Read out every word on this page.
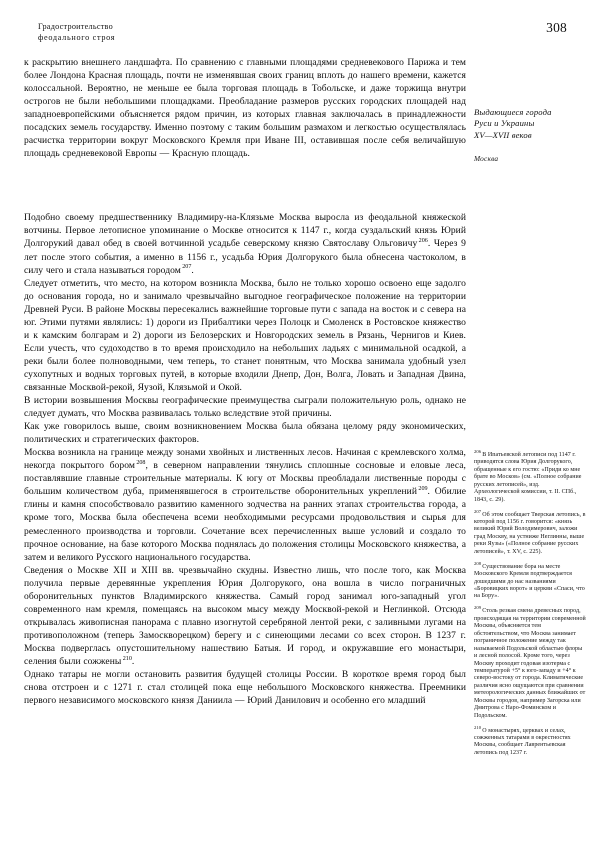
Градостроительство
феодального строя
308

к раскрытию внешнего ландшафта. По сравнению с главными площадями средневекового Парижа и тем более Лондона Красная площадь, почти не изменявшая своих границ вплоть до нашего времени, кажется колоссальной. Вероятно, не меньше ее была торговая площадь в Тобольске, и даже торжища внутри острогов не были небольшими площадками. Преобладание размеров русских городских площадей над западноевропейскими объясняется рядом причин, из которых главная заключалась в принадлежности посадских земель государству. Именно поэтому с таким большим размахом и легкостью осуществлялась расчистка территории вокруг Московского Кремля при Иване III, оставившая после себя величайшую площадь средневековой Европы — Красную площадь.

Подобно своему предшественнику Владимиру-на-Клязьме Москва выросла из феодальной княжеской вотчины. Первое летописное упоминание о Москве относится к 1147 г., когда суздальский князь Юрий Долгорукий давал обед в своей вотчинной усадьбе северскому князю Святославу Ольговичу$^{206}$. Через 9 лет после этого события, а именно в 1156 г., усадьба Юрия Долгорукого была обнесена частоколом, в силу чего и стала называться городом$^{207}$.

Следует отметить, что место, на котором возникла Москва, было не только хорошо освоено еще задолго до основания города, но и занимало чрезвычайно выгодное географическое положение на территории Древней Руси. В районе Москвы пересекались важнейшие торговые пути с запада на восток и с севера на юг. Этими путями являлись: 1) дороги из Прибалтики через Полоцк и Смоленск в Ростовское княжество и к камским болгарам и 2) дороги из Белозерских и Новгородских земель в Рязань, Чернигов и Киев. Если учесть, что судоходство в то время происходило на небольших ладьях с минимальной осадкой, а реки были более полноводными, чем теперь, то станет понятным, что Москва занимала удобный узел сухопутных и водных торговых путей, в которые входили Днепр, Дон, Волга, Ловать и Западная Двина, связанные Москвой-рекой, Яузой, Клязьмой и Окой.

В истории возвышения Москвы географические преимущества сыграли положительную роль, однако не следует думать, что Москва развивалась только вследствие этой причины.

Как уже говорилось выше, своим возникновением Москва была обязана целому ряду экономических, политических и стратегических факторов.

Москва возникла на границе между зонами хвойных и лиственных лесов. Начиная с кремлевского холма, некогда покрытого бором$^{208}$, в северном направлении тянулись сплошные сосновые и еловые леса, поставлявшие главные строительные материалы. К югу от Москвы преобладали лиственные породы с большим количеством дуба, применявшегося в строительстве оборонительных укреплений$^{209}$. Обилие глины и камня способствовало развитию каменного зодчества на ранних этапах строительства города, а кроме того, Москва была обеспечена всеми необходимыми ресурсами продовольствия и сырья для ремесленного производства и торговли. Сочетание всех перечисленных выше условий и создало то прочное основание, на базе которого Москва поднялась до положения столицы Московского княжества, а затем и великого Русского национального государства.

Сведения о Москве XII и XIII вв. чрезвычайно скудны. Известно лишь, что после того, как Москва получила первые деревянные укрепления Юрия Долгорукого, она вошла в число пограничных оборонительных пунктов Владимирского княжества. Самый город занимал юго-западный угол современного нам кремля, помещаясь на высоком мысу между Москвой-рекой и Неглинкой. Отсюда открывалась живописная панорама с плавно изогнутой серебряной лентой реки, с заливными лугами на противоположном (теперь Замоскворецком) берегу и с синеющими лесами со всех сторон. В 1237 г. Москва подверглась опустошительному нашествию Батыя. И город, и окружавшие его монастыри, селения были сожжены$^{210}$.

Однако татары не могли остановить развития будущей столицы России. В короткое время город был снова отстроен и с 1271 г. стал столицей пока еще небольшого Московского княжества. Преемники первого независимого московского князя Даниила — Юрий Данилович и особенно его младший

Выдающиеся города
Руси и Украины
XV—XVII веков
Москва

$^{206}$В Ипатьевской летописи под 1147 г. приводятся слова Юрия Долгорукого, обращенные к его гостю: «Приди ко мне брате во Москов» (см. «Полное собрание русских летописей», изд. Археологической комиссии, т. II. СПб., 1843, с. 29).

$^{207}$Об этом сообщает Тверская летопись, в которой под 1156 г. говорится: «князь великий Юрий Володимерович, заложи град Москву, на устниже Неглинны, выше реки Яузы» («Полное собрание русских летописей», т. XV, с. 225).

$^{208}$Существование бора на месте Московского Кремля подтверждается дошедшими до нас названиями «Боровицких ворот» и церкви «Спаси, что на Бору».

$^{209}$Столь резкая смена древесных пород, происходящая на территории современной Москвы, объясняется тем обстоятельством, что Москва занимает пограничное положение между так называемой Подольской областью флоры и лесной полосой. Кроме того, через Москву проходит годовая изотерма с температурой +5° к юго-западу и +4° к северо-востоку от города. Климатические различия ясно ощущаются при сравнении метеорологических данных ближайших от Москвы городов, например Загорска или Дмитрова с Наро-Фоминском и Подольском.

$^{210}$О монастырях, церквах и селах, сожженных татарами в окрестностях Москвы, сообщает Лаврентьевская летопись под 1237 г.
